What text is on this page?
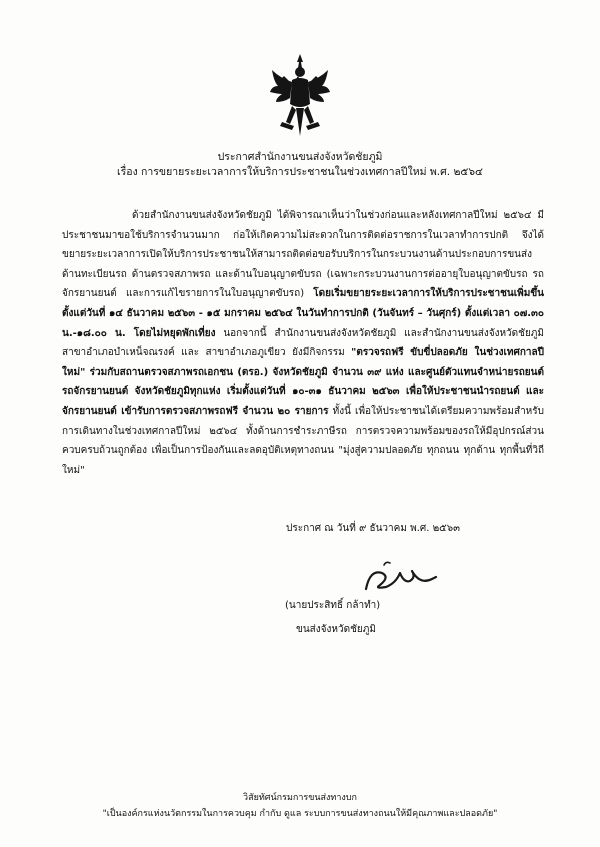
ประกาศสำนักงานขนส่งจังหวัดชัยภูมิ
เรื่อง การขยายระยะเวลาการให้บริการประชาชนในช่วงเทศกาลปีใหม่ พ.ศ. ๒๕๖๔

ด้วยสำนักงานขนส่งจังหวัดชัยภูมิ ได้พิจารณาเห็นว่าในช่วงก่อนและหลังเทศกาลปีใหม่ ๒๕๖๔ มีประชาชนมาขอใช้บริการจำนวนมาก ก่อให้เกิดความไม่สะดวกในการติดต่อราชการในเวลาทำการปกติ จึงได้ขยายระยะเวลาการเปิดให้บริการประชาชนให้สามารถติดต่อขอรับบริการในกระบวนงานด้านประกอบการขนส่ง ด้านทะเบียนรถ ด้านตรวจสภาพรถ และด้านใบอนุญาตขับรถ (เฉพาะกระบวนงานการต่ออายุใบอนุญาตขับรถ รถจักรยานยนต์ และการแก้ไขรายการในใบอนุญาตขับรถ) โดยเริ่มขยายระยะเวลาการให้บริการประชาชนเพิ่มขึ้น ตั้งแต่วันที่ ๑๔ ธันวาคม ๒๕๖๓ - ๑๕ มกราคม ๒๕๖๔ ในวันทำการปกติ (วันจันทร์ – วันศุกร์) ตั้งแต่เวลา ๐๗.๓๐ น.-๑๘.๐๐ น. โดยไม่หยุดพักเที่ยง นอกจากนี้ สำนักงานขนส่งจังหวัดชัยภูมิ และสำนักงานขนส่งจังหวัดชัยภูมิ สาขาอำเภอบำเหน็จณรงค์ และ สาขาอำเภอภูเขียว ยังมีกิจกรรม "ตรวจรถฟรี ขับขี่ปลอดภัย ในช่วงเทศกาลปีใหม่" ร่วมกับสถานตรวจสภาพรถเอกชน (ตรอ.) จังหวัดชัยภูมิ จำนวน ๓๙ แห่ง และศูนย์ตัวแทนจำหน่ายรถยนต์ รถจักรยานยนต์ จังหวัดชัยภูมิทุกแห่ง เริ่มตั้งแต่วันที่ ๑๐-๓๑ ธันวาคม ๒๕๖๓ เพื่อให้ประชาชนนำรถยนต์ และจักรยานยนต์ เข้ารับการตรวจสภาพรถฟรี จำนวน ๒๐ รายการ ทั้งนี้ เพื่อให้ประชาชนได้เตรียมความพร้อมสำหรับการเดินทางในช่วงเทศกาลปีใหม่ ๒๕๖๔ ทั้งด้านการชำระภาษีรถ การตรวจความพร้อมของรถให้มีอุปกรณ์ส่วนควบครบถ้วนถูกต้อง เพื่อเป็นการป้องกันและลดอุบัติเหตุทางถนน "มุ่งสู่ความปลอดภัย ทุกถนน ทุกด้าน ทุกพื้นที่วิถีใหม่"

ประกาศ ณ วันที่ ๙ ธันวาคม พ.ศ. ๒๕๖๓
(นายประสิทธิ์ กล้าทำ)
ขนส่งจังหวัดชัยภูมิ
วิสัยทัศน์กรมการขนส่งทางบก
"เป็นองค์กรแห่งนวัตกรรมในการควบคุม กำกับ ดูแล ระบบการขนส่งทางถนนให้มีคุณภาพและปลอดภัย"
